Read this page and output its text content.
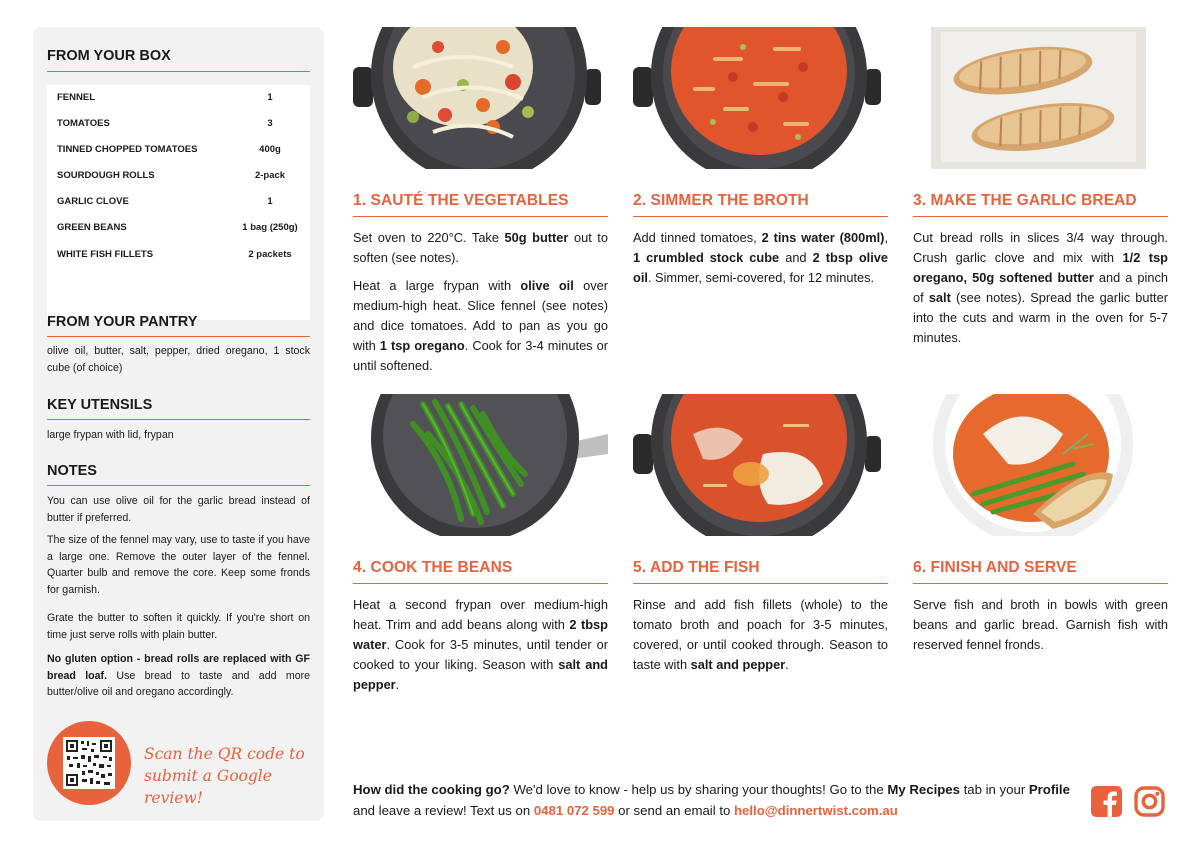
FROM YOUR BOX
FENNEL	1
TOMATOES	3
TINNED CHOPPED TOMATOES	400g
SOURDOUGH ROLLS	2-pack
GARLIC CLOVE	1
GREEN BEANS	1 bag (250g)
WHITE FISH FILLETS	2 packets
FROM YOUR PANTRY
olive oil, butter, salt, pepper, dried oregano, 1 stock cube (of choice)
KEY UTENSILS
large frypan with lid, frypan
NOTES
You can use olive oil for the garlic bread instead of butter if preferred.
The size of the fennel may vary, use to taste if you have a large one. Remove the outer layer of the fennel. Quarter bulb and remove the core. Keep some fronds for garnish.
Grate the butter to soften it quickly. If you're short on time just serve rolls with plain butter.
No gluten option - bread rolls are replaced with GF bread loaf. Use bread to taste and add more butter/olive oil and oregano accordingly.
Scan the QR code to submit a Google review!
1. SAUTÉ THE VEGETABLES

Set oven to 220°C. Take 50g butter out to soften (see notes).

Heat a large frypan with olive oil over medium-high heat. Slice fennel (see notes) and dice tomatoes. Add to pan as you go with 1 tsp oregano. Cook for 3-4 minutes or until softened.

2. SIMMER THE BROTH

Add tinned tomatoes, 2 tins water (800ml), 1 crumbled stock cube and 2 tbsp olive oil. Simmer, semi-covered, for 12 minutes.

3. MAKE THE GARLIC BREAD

Cut bread rolls in slices 3/4 way through. Crush garlic clove and mix with 1/2 tsp oregano, 50g softened butter and a pinch of salt (see notes). Spread the garlic butter into the cuts and warm in the oven for 5-7 minutes.

4. COOK THE BEANS

Heat a second frypan over medium-high heat. Trim and add beans along with 2 tbsp water. Cook for 3-5 minutes, until tender or cooked to your liking. Season with salt and pepper.

5. ADD THE FISH

Rinse and add fish fillets (whole) to the tomato broth and poach for 3-5 minutes, covered, or until cooked through. Season to taste with salt and pepper.

6. FINISH AND SERVE

Serve fish and broth in bowls with green beans and garlic bread. Garnish fish with reserved fennel fronds.

How did the cooking go? We'd love to know - help us by sharing your thoughts! Go to the My Recipes tab in your Profile and leave a review! Text us on 0481 072 599 or send an email to hello@dinnertwist.com.au
